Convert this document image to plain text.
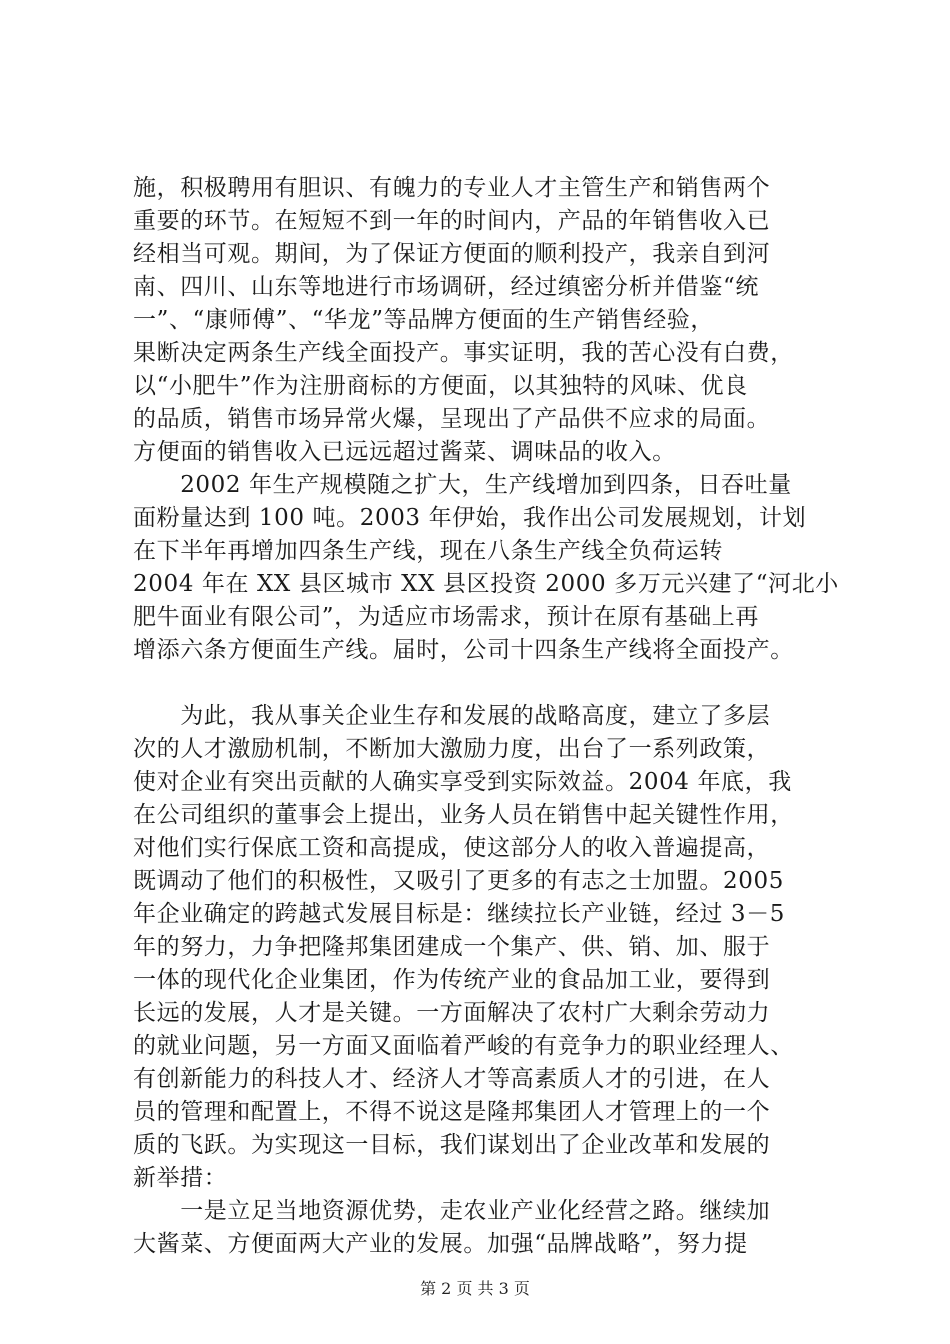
施，积极聘用有胆识、有魄力的专业人才主管生产和销售两个
重要的环节。在短短不到一年的时间内，产品的年销售收入已
经相当可观。期间，为了保证方便面的顺利投产，我亲自到河
南、四川、山东等地进行市场调研，经过缜密分析并借鉴“统
一”、“康师傅”、“华龙”等品牌方便面的生产销售经验，
果断决定两条生产线全面投产。事实证明，我的苦心没有白费，
以“小肥牛”作为注册商标的方便面，以其独特的风味、优良
的品质，销售市场异常火爆，呈现出了产品供不应求的局面。
方便面的销售收入已远远超过酱菜、调味品的收入。
　　2002 年生产规模随之扩大，生产线增加到四条，日吞吐量
面粉量达到 100 吨。2003 年伊始，我作出公司发展规划，计划
在下半年再增加四条生产线，现在八条生产线全负荷运转
2004 年在 XX 县区城市 XX 县区投资 2000 多万元兴建了“河北小
肥牛面业有限公司”，为适应市场需求，预计在原有基础上再
增添六条方便面生产线。届时，公司十四条生产线将全面投产。
　　为此，我从事关企业生存和发展的战略高度，建立了多层
次的人才激励机制，不断加大激励力度，出台了一系列政策，
使对企业有突出贡献的人确实享受到实际效益。2004 年底，我
在公司组织的董事会上提出，业务人员在销售中起关键性作用，
对他们实行保底工资和高提成，使这部分人的收入普遍提高，
既调动了他们的积极性，又吸引了更多的有志之士加盟。2005
年企业确定的跨越式发展目标是：继续拉长产业链，经过 3－5
年的努力，力争把隆邦集团建成一个集产、供、销、加、服于
一体的现代化企业集团，作为传统产业的食品加工业，要得到
长远的发展，人才是关键。一方面解决了农村广大剩余劳动力
的就业问题，另一方面又面临着严峻的有竞争力的职业经理人、
有创新能力的科技人才、经济人才等高素质人才的引进，在人
员的管理和配置上，不得不说这是隆邦集团人才管理上的一个
质的飞跃。为实现这一目标，我们谋划出了企业改革和发展的
新举措：
　　一是立足当地资源优势，走农业产业化经营之路。继续加
大酱菜、方便面两大产业的发展。加强“品牌战略”，努力提
第 2 页 共 3 页
